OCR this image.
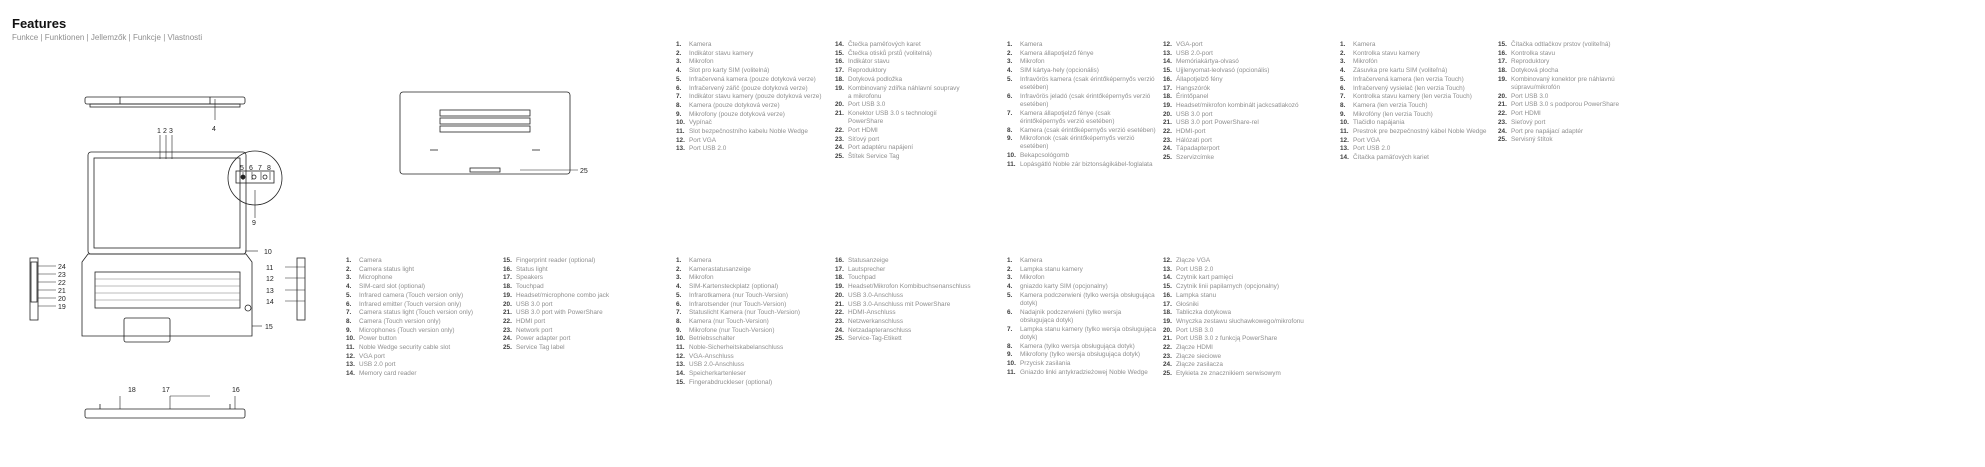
Features
Funkce | Funktionen | Jellemzők | Funkcje | Vlastnosti
1 2 3	4
5 6 7 8
9
10
11
12
13
14
15
16
17
18
19
20
21
22
23
24
25
1.	Kamera
2.	Indikátor stavu kamery
3.	Mikrofon
4.	Slot pro karty SIM (volitelná)
5.	Infračervená kamera (pouze dotyková verze)
6.	Infračervený zářič (pouze dotyková verze)
7.	Indikátor stavu kamery (pouze dotyková verze)
8.	Kamera (pouze dotyková verze)
9.	Mikrofony (pouze dotyková verze)
10. Vypínač
11. Slot bezpečnostního kabelu Noble Wedge
12. Port VGA
13. Port USB 2.0
14. Čtečka paměťových karet
15. Čtečka otisků prstů (volitelná)
16. Indikátor stavu
17. Reproduktory
18. Dotyková podložka
19. Kombinovaný zdířka náhlavní soupravy a mikrofonu
20. Port USB 3.0
21. Konektor USB 3.0 s technologií PowerShare
22. Port HDMI
23. Síťový port
24. Port adaptéru napájení
25. Štítek Service Tag
1.	Kamera
2.	Kamera állapotjelző fénye
3.	Mikrofon
4.	SIM kártya-hely (opcionális)
5.	Infravörös kamera (csak érintőképernyős verzió esetében)
6.	Infravörös jeladó (csak érintőképernyős verzió esetében)
7.	Kamera állapotjelző fénye (csak érintőképernyős verzió esetében)
8.	Kamera (csak érintőképernyős verzió esetében)
9.	Mikrofonok (csak érintőképernyős verzió esetében)
10. Bekapcsológomb
11. Lopásgátló Noble zár biztonságikábel-foglalata
12. VGA-port
13. USB 2.0-port
14. Memóriakártya-olvasó
15. Ujjlenyomat-leolvasó (opcionális)
16. Állapotjelző fény
17. Hangszórók
18. Érintőpanel
19. Headset/mikrofon kombinált jackcsatlakozó
20. USB 3.0 port
21. USB 3.0 port PowerShare-rel
22. HDMI-port
23. Hálózati port
24. Tápadapterport
25. Szervizcímke
1.	Kamera
2.	Kontrolka stavu kamery
3.	Mikrofón
4.	Zásuvka pre kartu SIM (voliteľná)
5.	Infračervená kamera (len verzia Touch)
6.	Infračervený vysielač (len verzia Touch)
7.	Kontrolka stavu kamery (len verzia Touch)
8.	Kamera (len verzia Touch)
9.	Mikrofóny (len verzia Touch)
10. Tlačidlo napájania
11. Prestrok pre bezpečnostný kábel Noble Wedge
12. Port VGA
13. Port USB 2.0
14. Čítačka pamäťových kariet
15. Čítačka odtlačkov prstov (voliteľná)
16. Kontrolka stavu
17. Reproduktory
18. Dotyková plocha
19. Kombinovaný konektor pre náhlavnú súpravu/mikrofón
20. Port USB 3.0
21. Port USB 3.0 s podporou PowerShare
22. Port HDMI
23. Sieťový port
24. Port pre napájací adaptér
25. Servisný štítok
1.	Camera
2.	Camera status light
3.	Microphone
4.	SIM-card slot (optional)
5.	Infrared camera (Touch version only)
6.	Infrared emitter (Touch version only)
7.	Camera status light (Touch version only)
8.	Camera (Touch version only)
9.	Microphones (Touch version only)
10. Power button
11. Noble Wedge security cable slot
12. VGA port
13. USB 2.0 port
14. Memory card reader
15. Fingerprint reader (optional)
16. Status light
17. Speakers
18. Touchpad
19. Headset/microphone combo jack
20. USB 3.0 port
21. USB 3.0 port with PowerShare
22. HDMI port
23. Network port
24. Power adapter port
25. Service Tag label
1.	Kamera
2.	Kamerastatusanzeige
3.	Mikrofon
4.	SIM-Kartensteckplatz (optional)
5.	Infrarotkamera (nur Touch-Version)
6.	Infrarotsender (nur Touch-Version)
7.	Statuslicht Kamera (nur Touch-Version)
8.	Kamera (nur Touch-Version)
9.	Mikrofone (nur Touch-Version)
10. Betriebsschalter
11. Noble-Sicherheitskabelanschluss
12. VGA-Anschluss
13. USB 2.0-Anschluss
14. Speicherkartenleser
15. Fingerabdruckleser (optional)
16. Statusanzeige
17. Lautsprecher
18. Touchpad
19. Headset/Mikrofon Kombibuchsenanschluss
20. USB 3.0-Anschluss
21. USB 3.0-Anschluss mit PowerShare
22. HDMI-Anschluss
23. Netzwerkanschluss
24. Netzadapteranschluss
25. Service-Tag-Etikett
1.	Kamera
2.	Lampka stanu kamery
3.	Mikrofon
4.	gniazdo karty SIM (opcjonalny)
5.	Kamera podczerwieni (tylko wersja obsługująca dotyk)
6.	Nadajnik podczerwieni (tylko wersja obsługująca dotyk)
7.	Lampka stanu kamery (tylko wersja obsługująca dotyk)
8.	Kamera (tylko wersja obsługująca dotyk)
9.	Mikrofony (tylko wersja obsługująca dotyk)
10. Przycisk zasilania
11. Gniazdo linki antykradzieżowej Noble Wedge
12. Złącze VGA
13. Port USB 2.0
14. Czytnik kart pamięci
15. Czytnik linii papilarnych (opcjonalny)
16. Lampka stanu
17. Głośniki
18. Tabliczka dotykowa
19. Wnyczka zestawu słuchawkowego/mikrofonu
20. Port USB 3.0
21. Port USB 3.0 z funkcją PowerShare
22. Złącze HDMI
23. Złącze sieciowe
24. Złącze zasilacza
25. Etykieta ze znacznikiem serwisowym
